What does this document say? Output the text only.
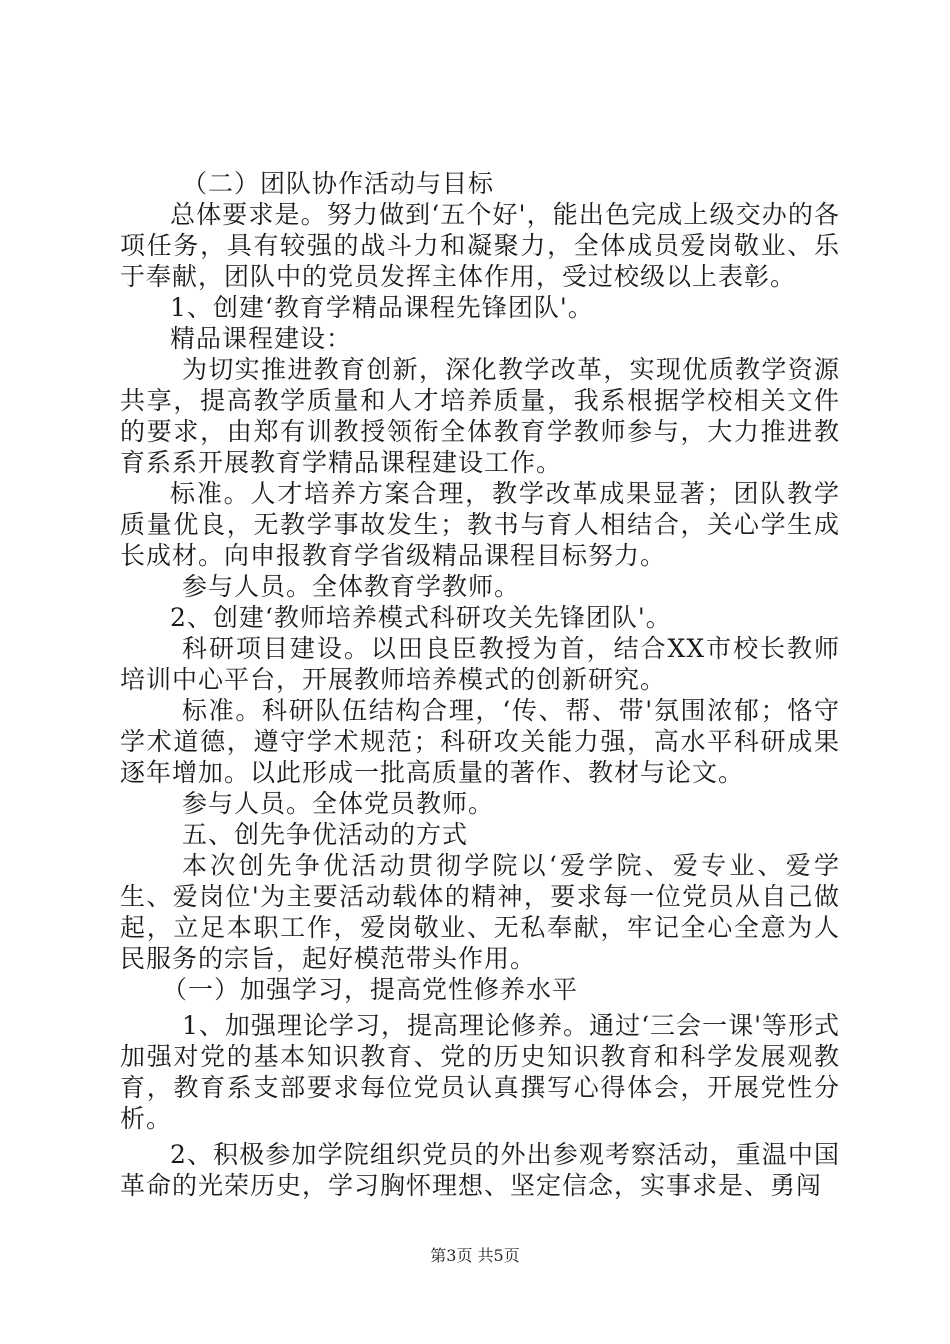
（二）团队协作活动与目标

总体要求是。努力做到‘五个好'，能出色完成上级交办的各项任务，具有较强的战斗力和凝聚力，全体成员爱岗敬业、乐于奉献，团队中的党员发挥主体作用，受过校级以上表彰。

1、创建‘教育学精品课程先锋团队'。

精品课程建设：

为切实推进教育创新，深化教学改革，实现优质教学资源共享，提高教学质量和人才培养质量，我系根据学校相关文件的要求，由郑有训教授领衔全体教育学教师参与，大力推进教育系系开展教育学精品课程建设工作。

标准。人才培养方案合理，教学改革成果显著；团队教学质量优良，无教学事故发生；教书与育人相结合，关心学生成长成材。向申报教育学省级精品课程目标努力。

参与人员。全体教育学教师。

2、创建‘教师培养模式科研攻关先锋团队'。

科研项目建设。以田良臣教授为首，结合XX市校长教师培训中心平台，开展教师培养模式的创新研究。

标准。科研队伍结构合理，‘传、帮、带'氛围浓郁；恪守学术道德，遵守学术规范；科研攻关能力强，高水平科研成果逐年增加。以此形成一批高质量的著作、教材与论文。

参与人员。全体党员教师。

五、创先争优活动的方式

本次创先争优活动贯彻学院以‘爱学院、爱专业、爱学生、爱岗位'为主要活动载体的精神，要求每一位党员从自己做起，立足本职工作，爱岗敬业、无私奉献，牢记全心全意为人民服务的宗旨，起好模范带头作用。

（一）加强学习，提高党性修养水平

1、加强理论学习，提高理论修养。通过‘三会一课'等形式加强对党的基本知识教育、党的历史知识教育和科学发展观教育，教育系支部要求每位党员认真撰写心得体会，开展党性分析。

2、积极参加学院组织党员的外出参观考察活动，重温中国革命的光荣历史，学习胸怀理想、坚定信念，实事求是、勇闯

第3页 共5页
